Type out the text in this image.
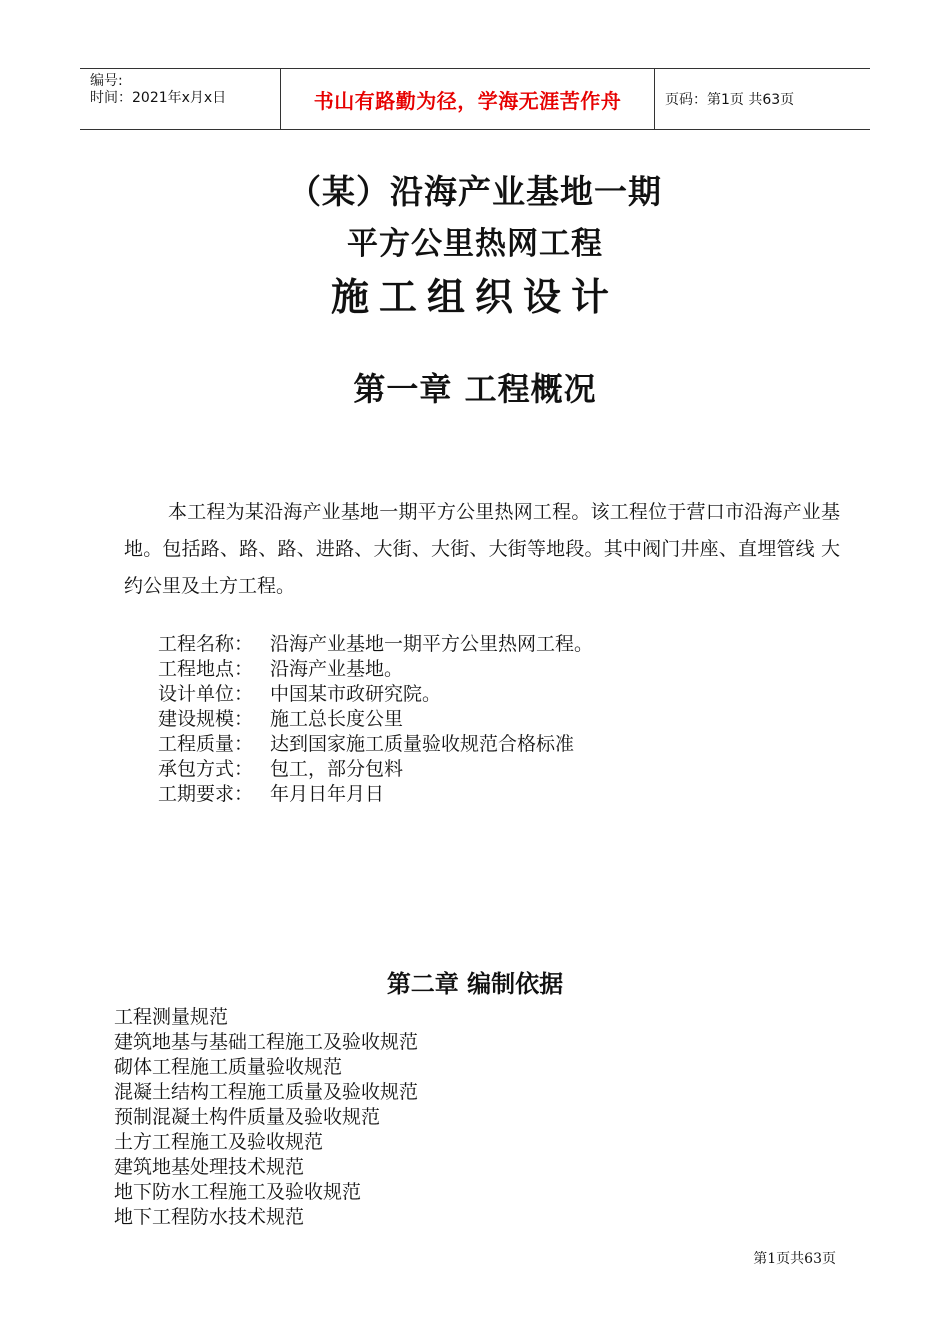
编号:
时间：2021年x月x日	书山有路勤为径，学海无涯苦作舟	页码：第1页 共63页
（某）沿海产业基地一期
平方公里热网工程
施工组织设计
第一章 工程概况
本工程为某沿海产业基地一期平方公里热网工程。该工程位于营口市沿海产业基地。包括路、路、路、进路、大街、大街、大街等地段。其中阀门井座、直埋管线 大约公里及土方工程。
工程名称： 沿海产业基地一期平方公里热网工程。
工程地点： 沿海产业基地。
设计单位： 中国某市政研究院。
建设规模： 施工总长度公里
工程质量： 达到国家施工质量验收规范合格标准
承包方式： 包工，部分包料
工期要求： 年月日年月日
第二章 编制依据
工程测量规范
建筑地基与基础工程施工及验收规范
砌体工程施工质量验收规范
混凝土结构工程施工质量及验收规范
预制混凝土构件质量及验收规范
土方工程施工及验收规范
建筑地基处理技术规范
地下防水工程施工及验收规范
地下工程防水技术规范
第1页共63页
